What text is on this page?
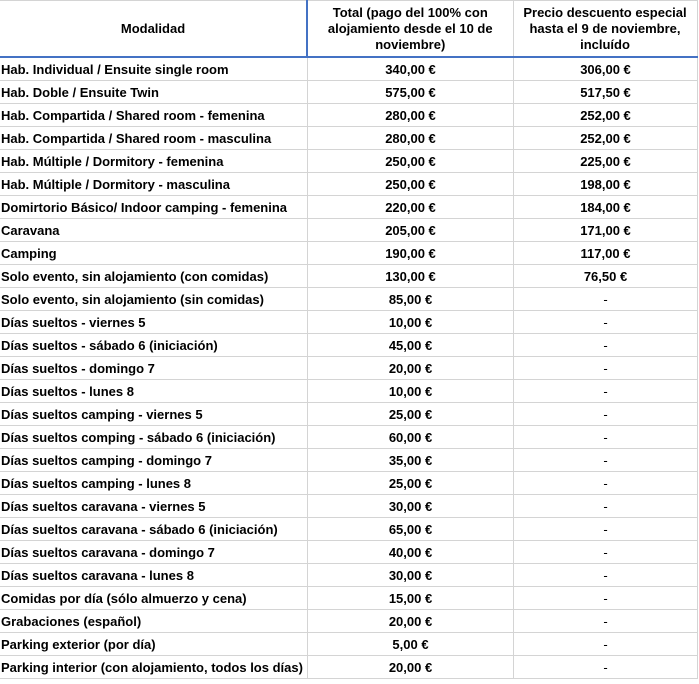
Modalidad	Total (pago del 100% con alojamiento desde el 10 de noviembre)	Precio descuento especial hasta el 9 de noviembre, incluído
Hab. Individual / Ensuite single room	340,00 €	306,00 €
Hab. Doble / Ensuite Twin	575,00 €	517,50 €
Hab. Compartida / Shared room - femenina	280,00 €	252,00 €
Hab. Compartida / Shared room - masculina	280,00 €	252,00 €
Hab. Múltiple / Dormitory - femenina	250,00 €	225,00 €
Hab. Múltiple / Dormitory - masculina	250,00 €	198,00 €
Domirtorio Básico/ Indoor camping - femenina	220,00 €	184,00 €
Caravana	205,00 €	171,00 €
Camping	190,00 €	117,00 €
Solo evento, sin alojamiento (con comidas)	130,00 €	76,50 €
Solo evento, sin alojamiento (sin comidas)	85,00 €	-
Días sueltos - viernes 5	10,00 €	-
Días sueltos - sábado 6 (iniciación)	45,00 €	-
Días sueltos - domingo 7	20,00 €	-
Días sueltos - lunes 8	10,00 €	-
Días sueltos camping - viernes 5	25,00 €	-
Días sueltos comping - sábado 6 (iniciación)	60,00 €	-
Días sueltos camping - domingo 7	35,00 €	-
Días sueltos camping - lunes 8	25,00 €	-
Días sueltos caravana - viernes 5	30,00 €	-
Días sueltos caravana - sábado 6 (iniciación)	65,00 €	-
Días sueltos caravana - domingo 7	40,00 €	-
Días sueltos caravana - lunes 8	30,00 €	-
Comidas por día (sólo almuerzo y cena)	15,00 €	-
Grabaciones (español)	20,00 €	-
Parking exterior (por día)	5,00 €	-
Parking interior (con alojamiento, todos los días)	20,00 €	-
